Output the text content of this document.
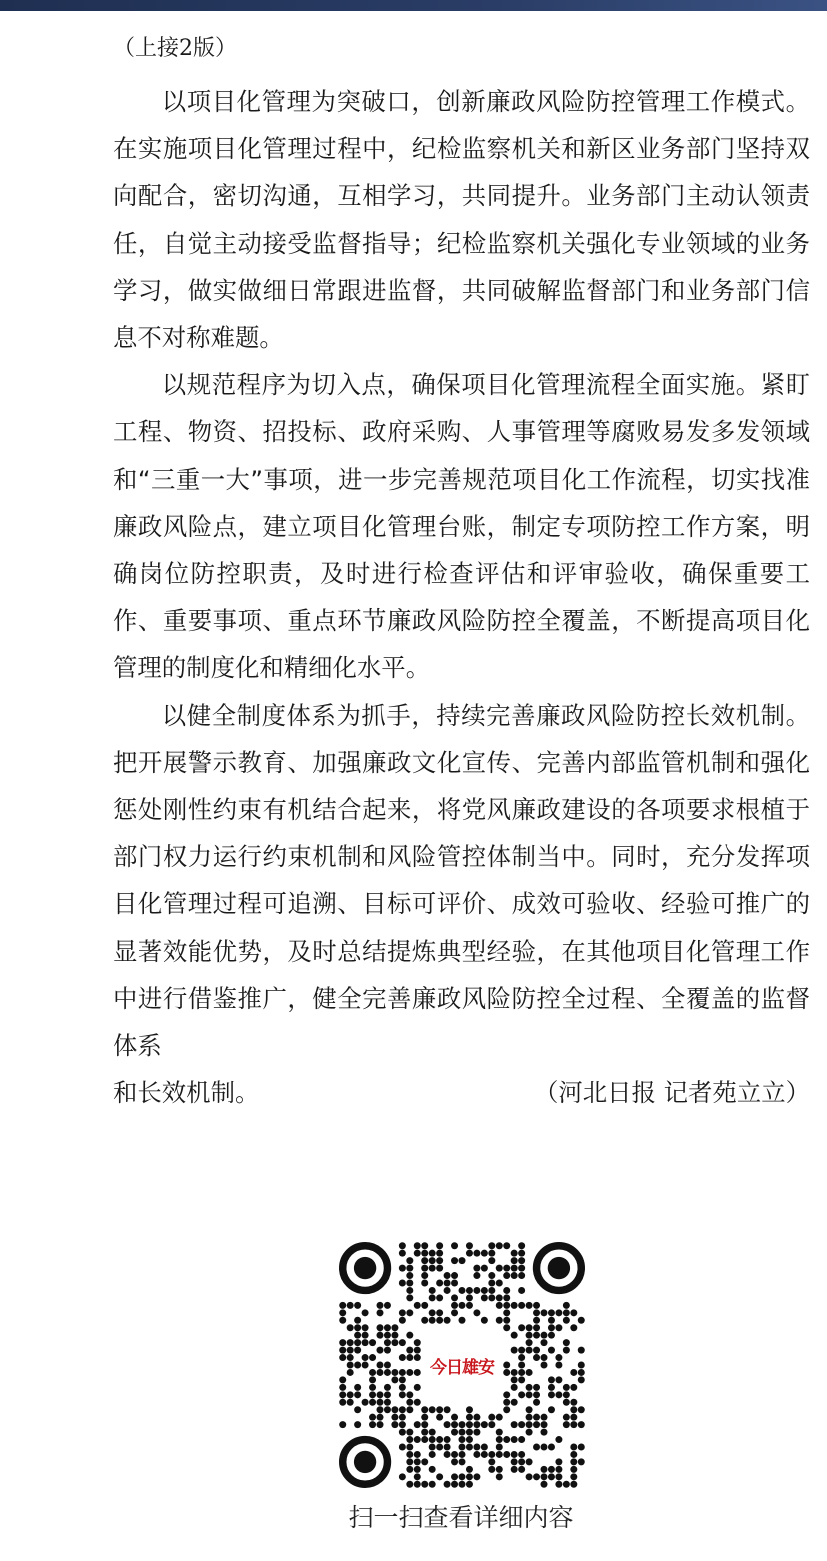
（上接2版）

以项目化管理为突破口，创新廉政风险防控管理工作模式。在实施项目化管理过程中，纪检监察机关和新区业务部门坚持双向配合，密切沟通，互相学习，共同提升。业务部门主动认领责任，自觉主动接受监督指导；纪检监察机关强化专业领域的业务学习，做实做细日常跟进监督，共同破解监督部门和业务部门信息不对称难题。

以规范程序为切入点，确保项目化管理流程全面实施。紧盯工程、物资、招投标、政府采购、人事管理等腐败易发多发领域和“三重一大”事项，进一步完善规范项目化工作流程，切实找准廉政风险点，建立项目化管理台账，制定专项防控工作方案，明确岗位防控职责，及时进行检查评估和评审验收，确保重要工作、重要事项、重点环节廉政风险防控全覆盖，不断提高项目化管理的制度化和精细化水平。

以健全制度体系为抓手，持续完善廉政风险防控长效机制。把开展警示教育、加强廉政文化宣传、完善内部监管机制和强化惩处刚性约束有机结合起来，将党风廉政建设的各项要求根植于部门权力运行约束机制和风险管控体制当中。同时，充分发挥项目化管理过程可追溯、目标可评价、成效可验收、经验可推广的显著效能优势，及时总结提炼典型经验，在其他项目化管理工作中进行借鉴推广，健全完善廉政风险防控全过程、全覆盖的监督体系

和长效机制。	（河北日报 记者苑立立）
今日雄安
扫一扫查看详细内容
